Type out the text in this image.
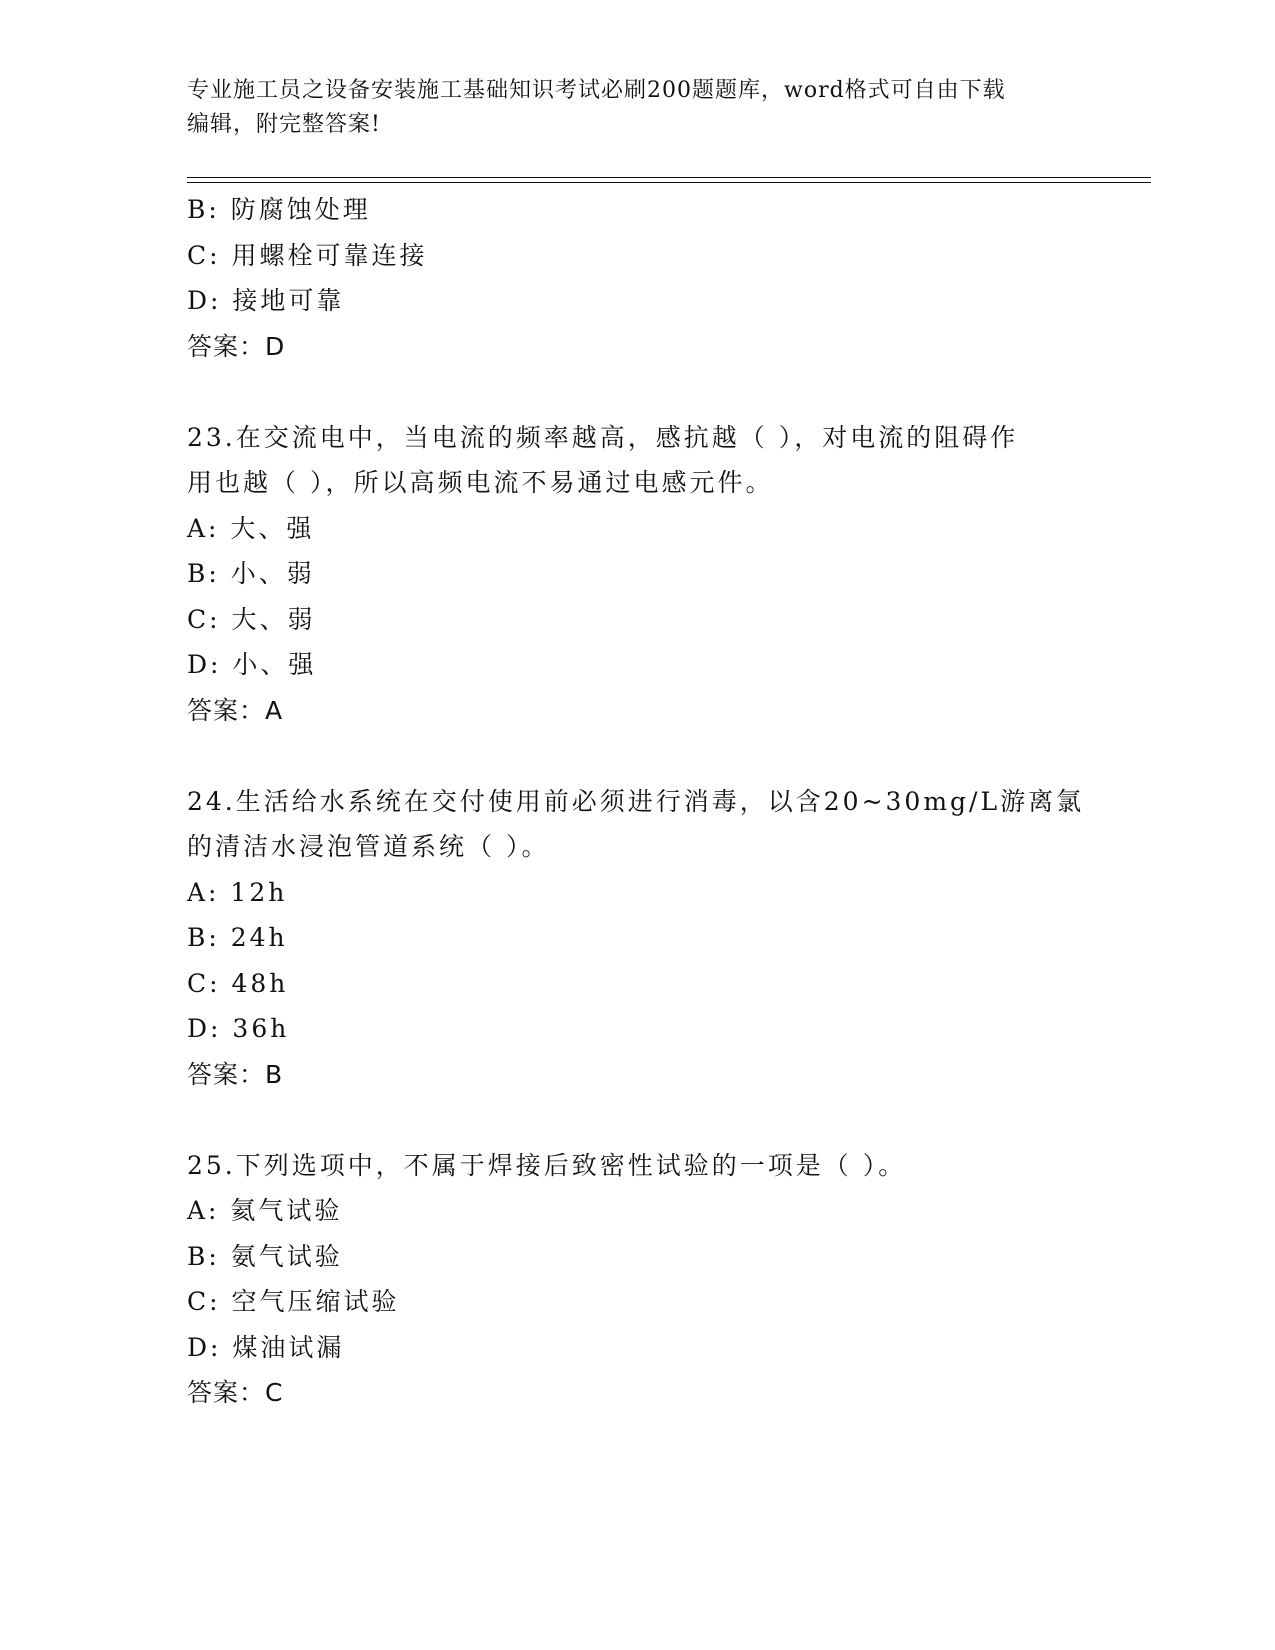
专业施工员之设备安装施工基础知识考试必刷200题题库，word格式可自由下载
编辑，附完整答案!
B: 防腐蚀处理
C: 用螺栓可靠连接
D: 接地可靠
答案：D
23.在交流电中，当电流的频率越高，感抗越（ ），对电流的阻碍作
用也越（ ），所以高频电流不易通过电感元件。
A: 大、强
B: 小、弱
C: 大、弱
D: 小、强
答案：A
24.生活给水系统在交付使用前必须进行消毒，以含20~30mg/L游离氯
的清洁水浸泡管道系统（ ）。
A: 12h
B: 24h
C: 48h
D: 36h
答案：B
25.下列选项中，不属于焊接后致密性试验的一项是（ ）。
A: 氦气试验
B: 氨气试验
C: 空气压缩试验
D: 煤油试漏
答案：C
